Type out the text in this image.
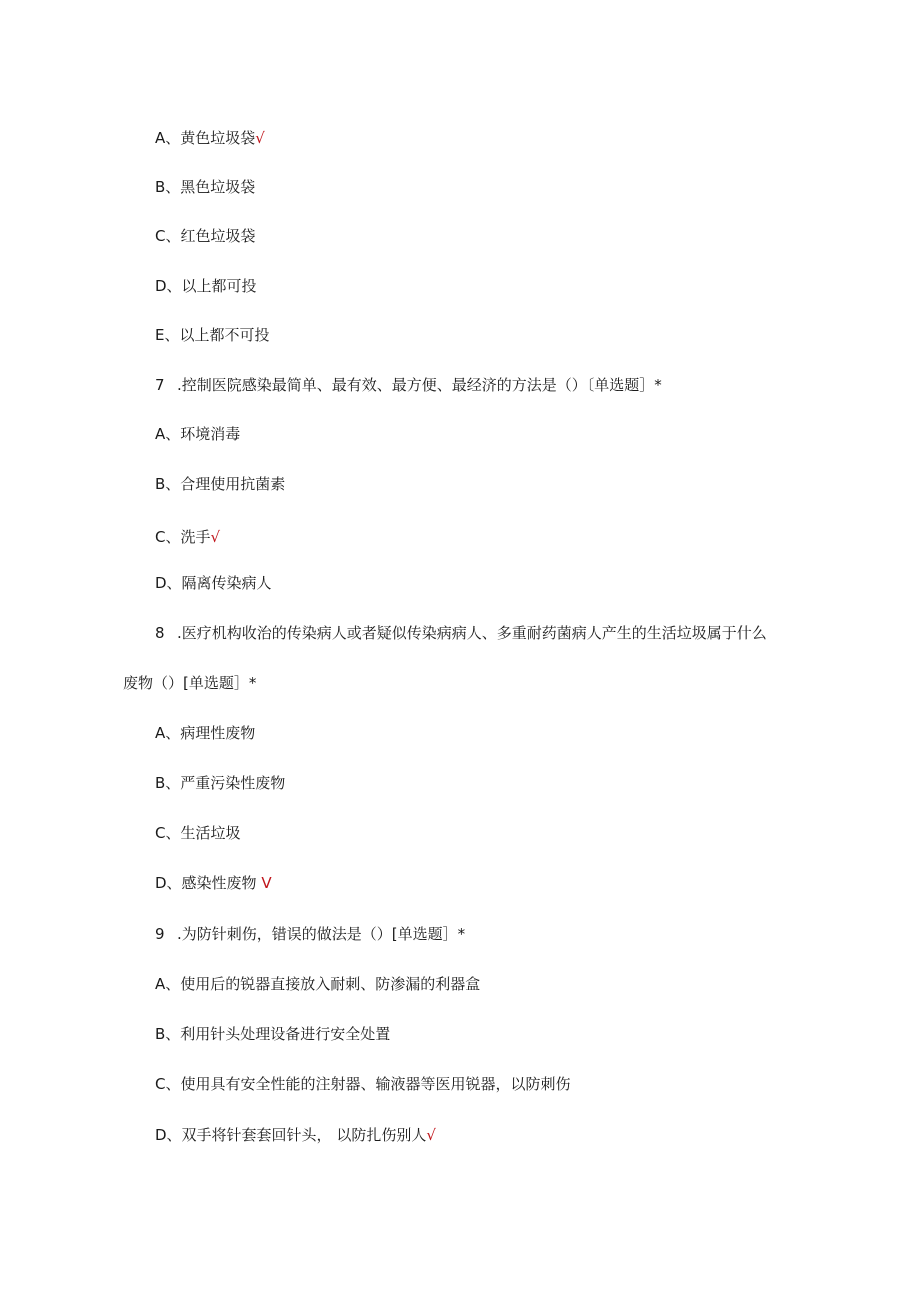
A、黄色垃圾袋√
B、黑色垃圾袋
C、红色垃圾袋
D、以上都可投
E、以上都不可投
7 .控制医院感染最简单、最有效、最方便、最经济的方法是（）〔单选题］*
A、环境消毒
B、合理使用抗菌素
C、洗手√
D、隔离传染病人
8 .医疗机构收治的传染病人或者疑似传染病病人、多重耐药菌病人产生的生活垃圾属于什么
废物（）[单选题］*
A、病理性废物
B、严重污染性废物
C、生活垃圾
D、感染性废物 V
9 .为防针刺伤，错误的做法是（）[单选题］*
A、使用后的锐器直接放入耐刺、防渗漏的利器盒
B、利用针头处理设备进行安全处置
C、使用具有安全性能的注射器、输液器等医用锐器，以防刺伤
D、双手将针套套回针头， 以防扎伤别人√
